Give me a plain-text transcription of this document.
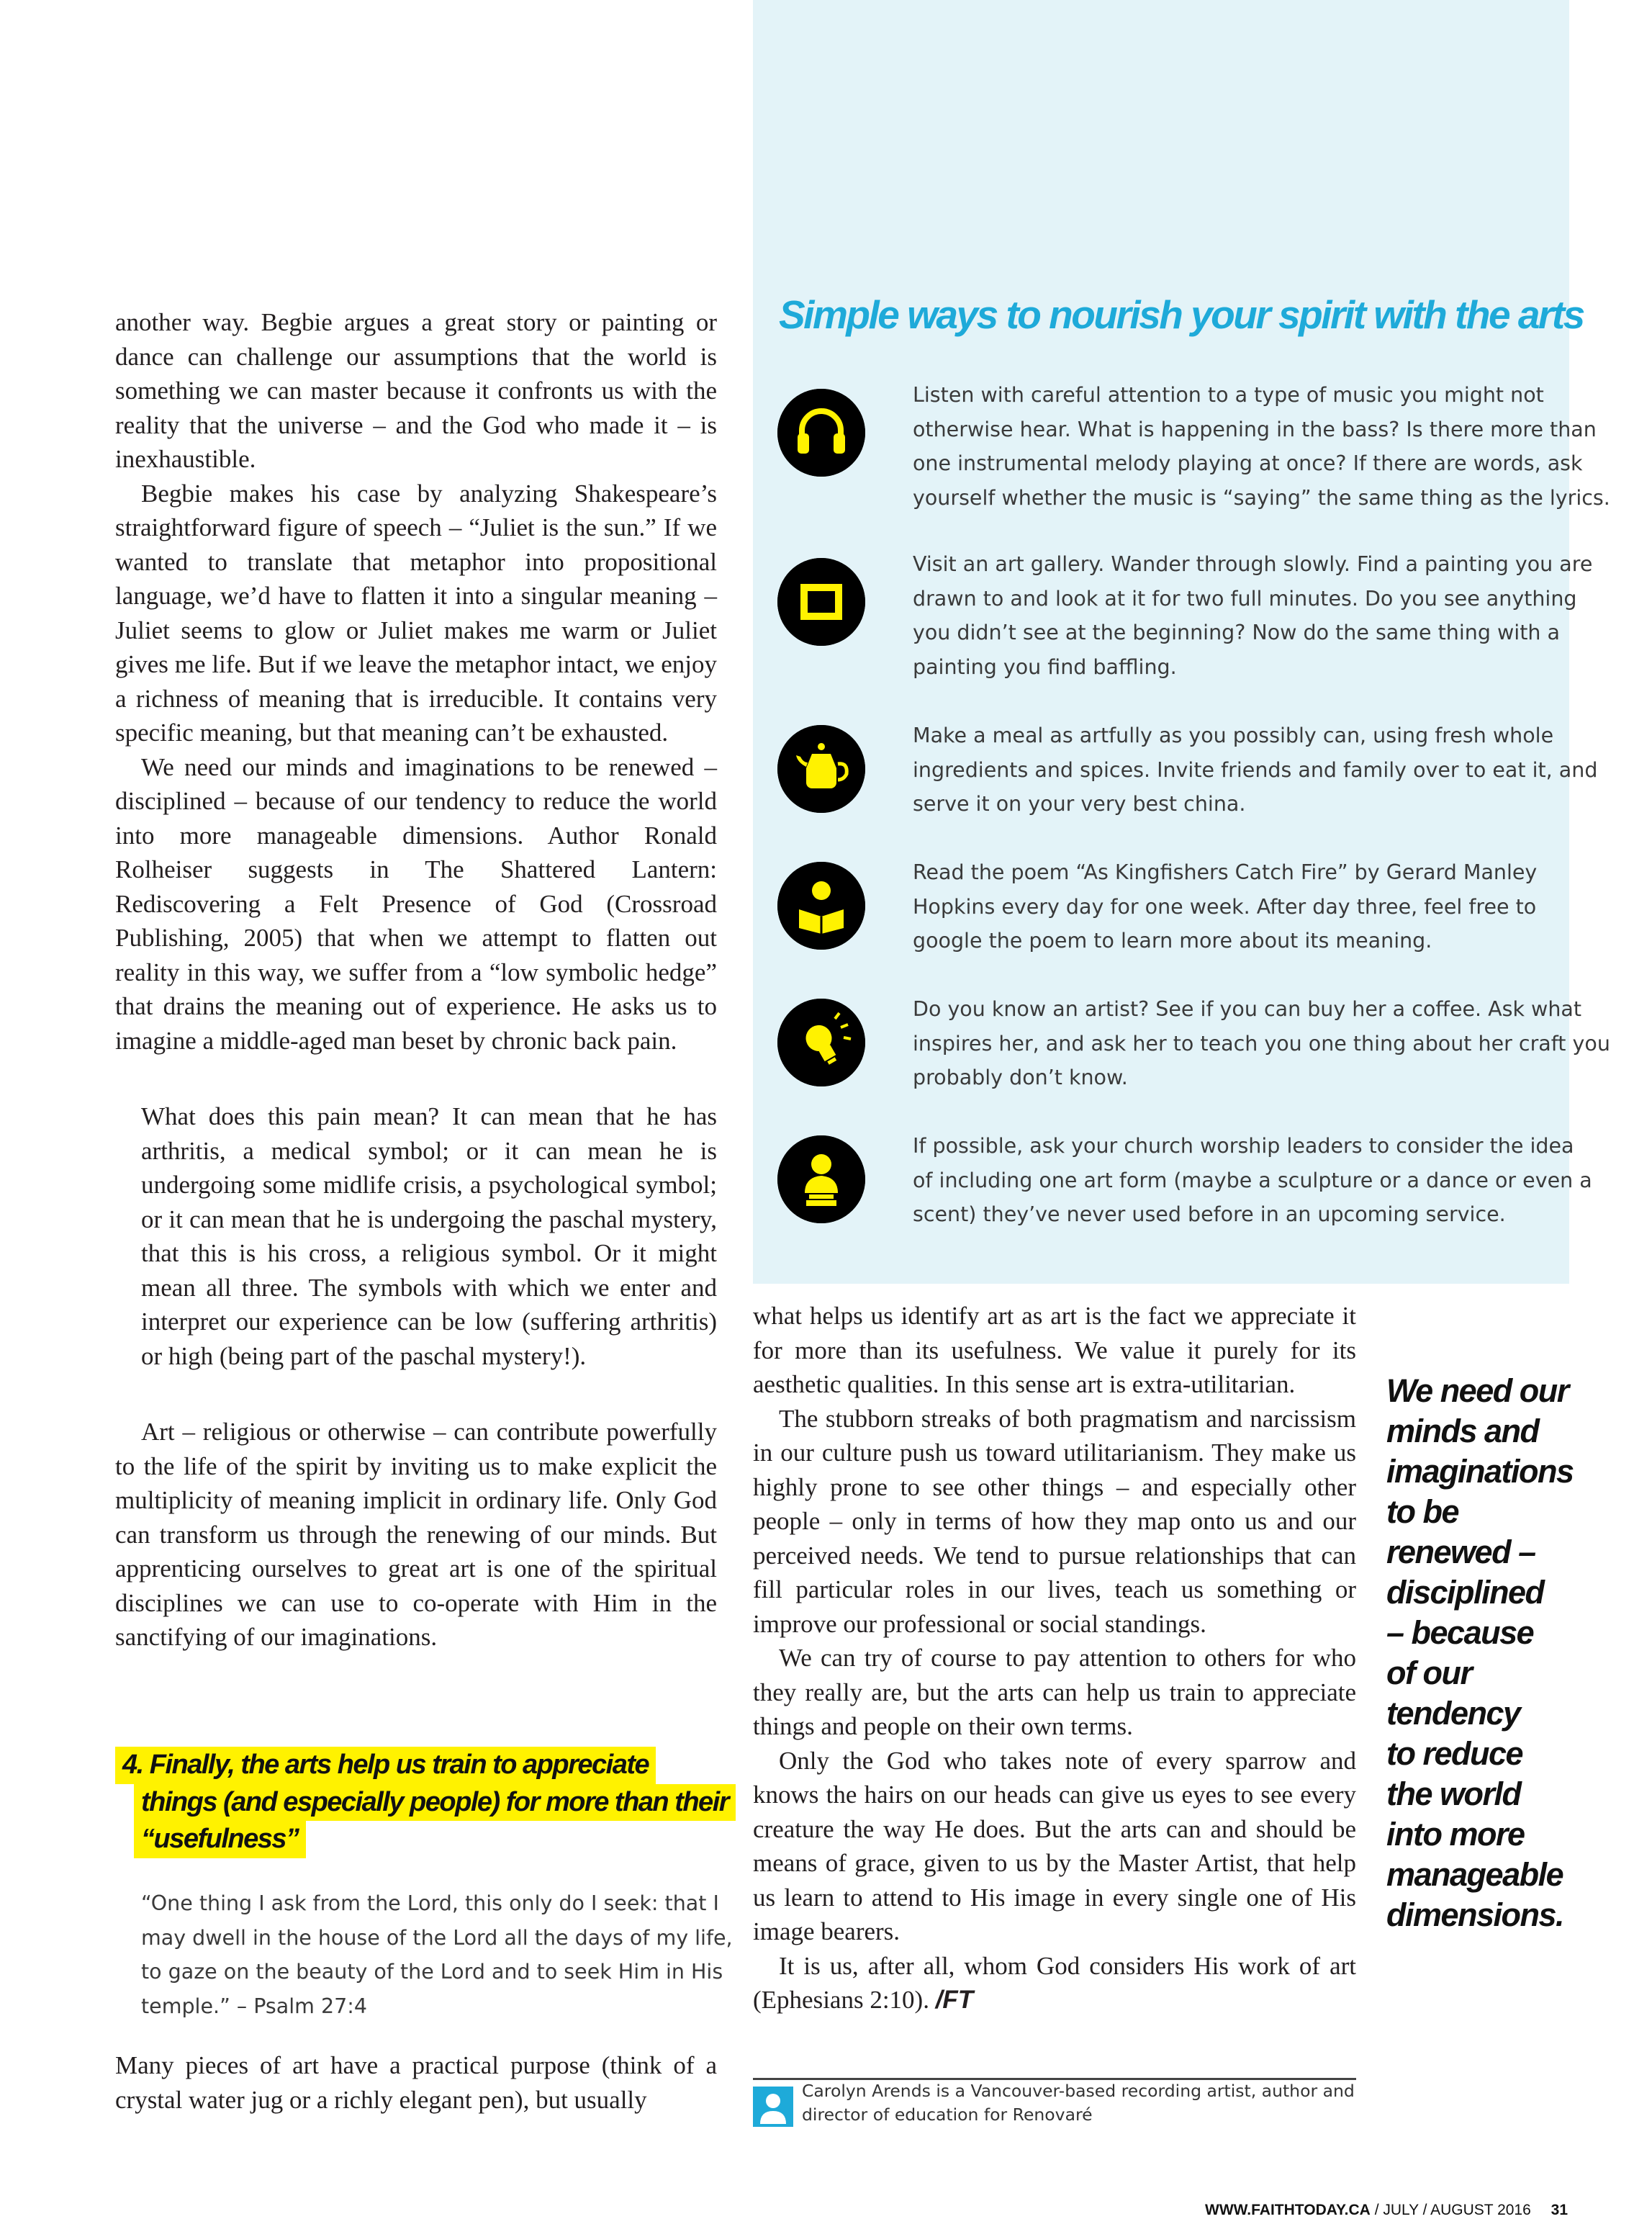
Simple ways to nourish your spirit with the arts
Listen with careful attention to a type of music you might not
otherwise hear. What is happening in the bass? Is there more than
one instrumental melody playing at once? If there are words, ask
yourself whether the music is “saying” the same thing as the lyrics.
Visit an art gallery. Wander through slowly. Find a painting you are
drawn to and look at it for two full minutes. Do you see anything
you didn’t see at the beginning? Now do the same thing with a
painting you find baffling.
Make a meal as artfully as you possibly can, using fresh whole
ingredients and spices. Invite friends and family over to eat it, and
serve it on your very best china.
Read the poem “As Kingfishers Catch Fire” by Gerard Manley
Hopkins every day for one week. After day three, feel free to
google the poem to learn more about its meaning.
Do you know an artist? See if you can buy her a coffee. Ask what
inspires her, and ask her to teach you one thing about her craft you
probably don’t know.
If possible, ask your church worship leaders to consider the idea
of including one art form (maybe a sculpture or a dance or even a
scent) they’ve never used before in an upcoming service.

another way. Begbie argues a great story or painting or dance can challenge our assumptions that the world is something we can master because it confronts us with the reality that the universe – and the God who made it – is inexhaustible.

Begbie makes his case by analyzing Shakespeare’s straightforward figure of speech – “Juliet is the sun.” If we wanted to translate that metaphor into propositional language, we’d have to flatten it into a singular meaning – Juliet seems to glow or Juliet makes me warm or Juliet gives me life. But if we leave the metaphor intact, we enjoy a richness of meaning that is irreducible. It contains very specific meaning, but that meaning can’t be exhausted.

We need our minds and imaginations to be renewed – disciplined – because of our tendency to reduce the world into more manageable dimensions. Author Ronald Rolheiser suggests in The Shattered Lantern: Rediscovering a Felt Presence of God (Crossroad Publishing, 2005) that when we attempt to flatten out reality in this way, we suffer from a “low symbolic hedge” that drains the meaning out of experience. He asks us to imagine a middle-aged man beset by chronic back pain.

What does this pain mean? It can mean that he has arthritis, a medical symbol; or it can mean he is undergoing some midlife crisis, a psychological symbol; or it can mean that he is undergoing the paschal mystery, that this is his cross, a religious symbol. Or it might mean all three. The symbols with which we enter and interpret our experience can be low (suffering arthritis) or high (being part of the paschal mystery!).

Art – religious or otherwise – can contribute powerfully to the life of the spirit by inviting us to make explicit the multiplicity of meaning implicit in ordinary life. Only God can transform us through the renewing of our minds. But apprenticing ourselves to great art is one of the spiritual disciplines we can use to co-operate with Him in the sanctifying of our imaginations.

4. Finally, the arts help us train to appreciate
things (and especially people) for more than their
“usefulness”
“One thing I ask from the Lord, this only do I seek: that I
may dwell in the house of the Lord all the days of my life,
to gaze on the beauty of the Lord and to seek Him in His
temple.” – Psalm 27:4

Many pieces of art have a practical purpose (think of a crystal water jug or a richly elegant pen), but usually

what helps us identify art as art is the fact we appreciate it for more than its usefulness. We value it purely for its aesthetic qualities. In this sense art is extra-utilitarian.

The stubborn streaks of both pragmatism and narcissism in our culture push us toward utilitarianism. They make us highly prone to see other things – and especially other people – only in terms of how they map onto us and our perceived needs. We tend to pursue relationships that can fill particular roles in our lives, teach us something or improve our professional or social standings.

We can try of course to pay attention to others for who they really are, but the arts can help us train to appreciate things and people on their own terms.

Only the God who takes note of every sparrow and knows the hairs on our heads can give us eyes to see every creature the way He does. But the arts can and should be means of grace, given to us by the Master Artist, that help us learn to attend to His image in every single one of His image bearers.

It is us, after all, whom God considers His work of art (Ephesians 2:10). /FT

We need our
minds and
imaginations
to be
renewed –
disciplined
– because
of our
tendency
to reduce
the world
into more
manageable
dimensions.
Carolyn Arends is a Vancouver-based recording artist, author and
director of education for Renovaré
WWW.FAITHTODAY.CA / JULY / AUGUST 2016 31
